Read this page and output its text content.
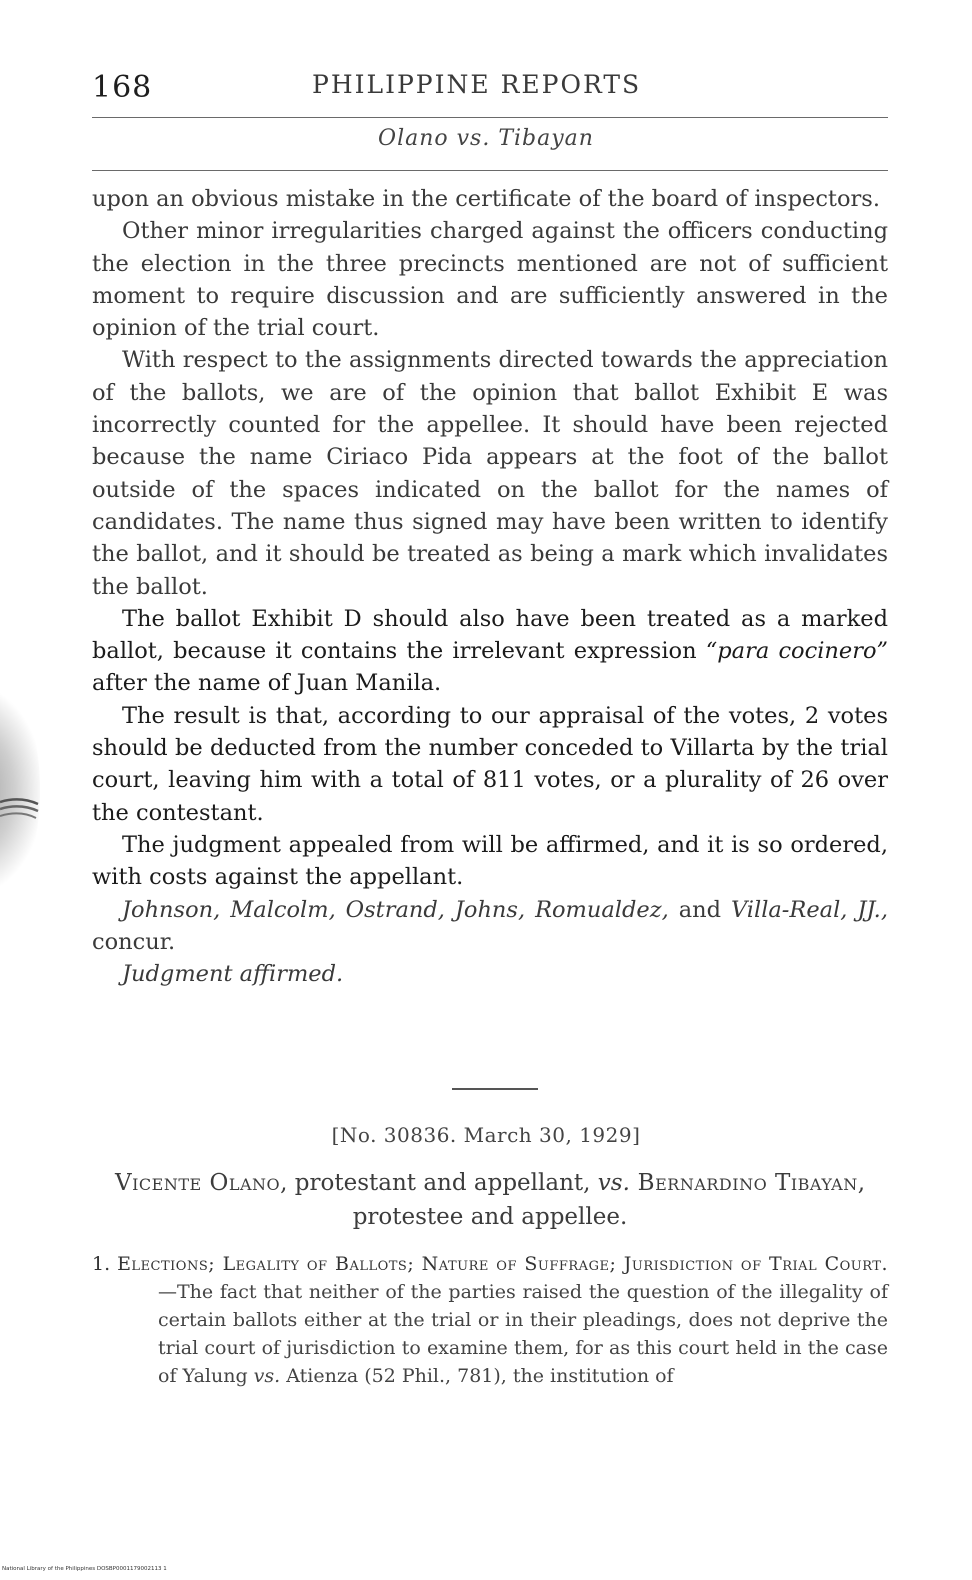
168	PHILIPPINE REPORTS
Olano vs. Tibayan

upon an obvious mistake in the certificate of the board of inspectors.

Other minor irregularities charged against the officers conducting the election in the three precincts mentioned are not of sufficient moment to require discussion and are sufficiently answered in the opinion of the trial court.

With respect to the assignments directed towards the appreciation of the ballots, we are of the opinion that ballot Exhibit E was incorrectly counted for the appellee. It should have been rejected because the name Ciriaco Pida appears at the foot of the ballot outside of the spaces indicated on the ballot for the names of candidates. The name thus signed may have been written to identify the ballot, and it should be treated as being a mark which invalidates the ballot.

The ballot Exhibit D should also have been treated as a marked ballot, because it contains the irrelevant expression “para cocinero” after the name of Juan Manila.

The result is that, according to our appraisal of the votes, 2 votes should be deducted from the number conceded to Villarta by the trial court, leaving him with a total of 811 votes, or a plurality of 26 over the contestant.

The judgment appealed from will be affirmed, and it is so ordered, with costs against the appellant.

Johnson, Malcolm, Ostrand, Johns, Romualdez, and Villa-Real, JJ., concur.

Judgment affirmed.

[No. 30836. March 30, 1929]
Vicente Olano, protestant and appellant, vs. Bernardino Tibayan, protestee and appellee.
1. Elections; Legality of Ballots; Nature of Suffrage; Jurisdiction of Trial Court.—The fact that neither of the parties raised the question of the illegality of certain ballots either at the trial or in their pleadings, does not deprive the trial court of jurisdiction to examine them, for as this court held in the case of Yalung vs. Atienza (52 Phil., 781), the institution of
National Library of the Philippines DOSBP0001179002113 1
